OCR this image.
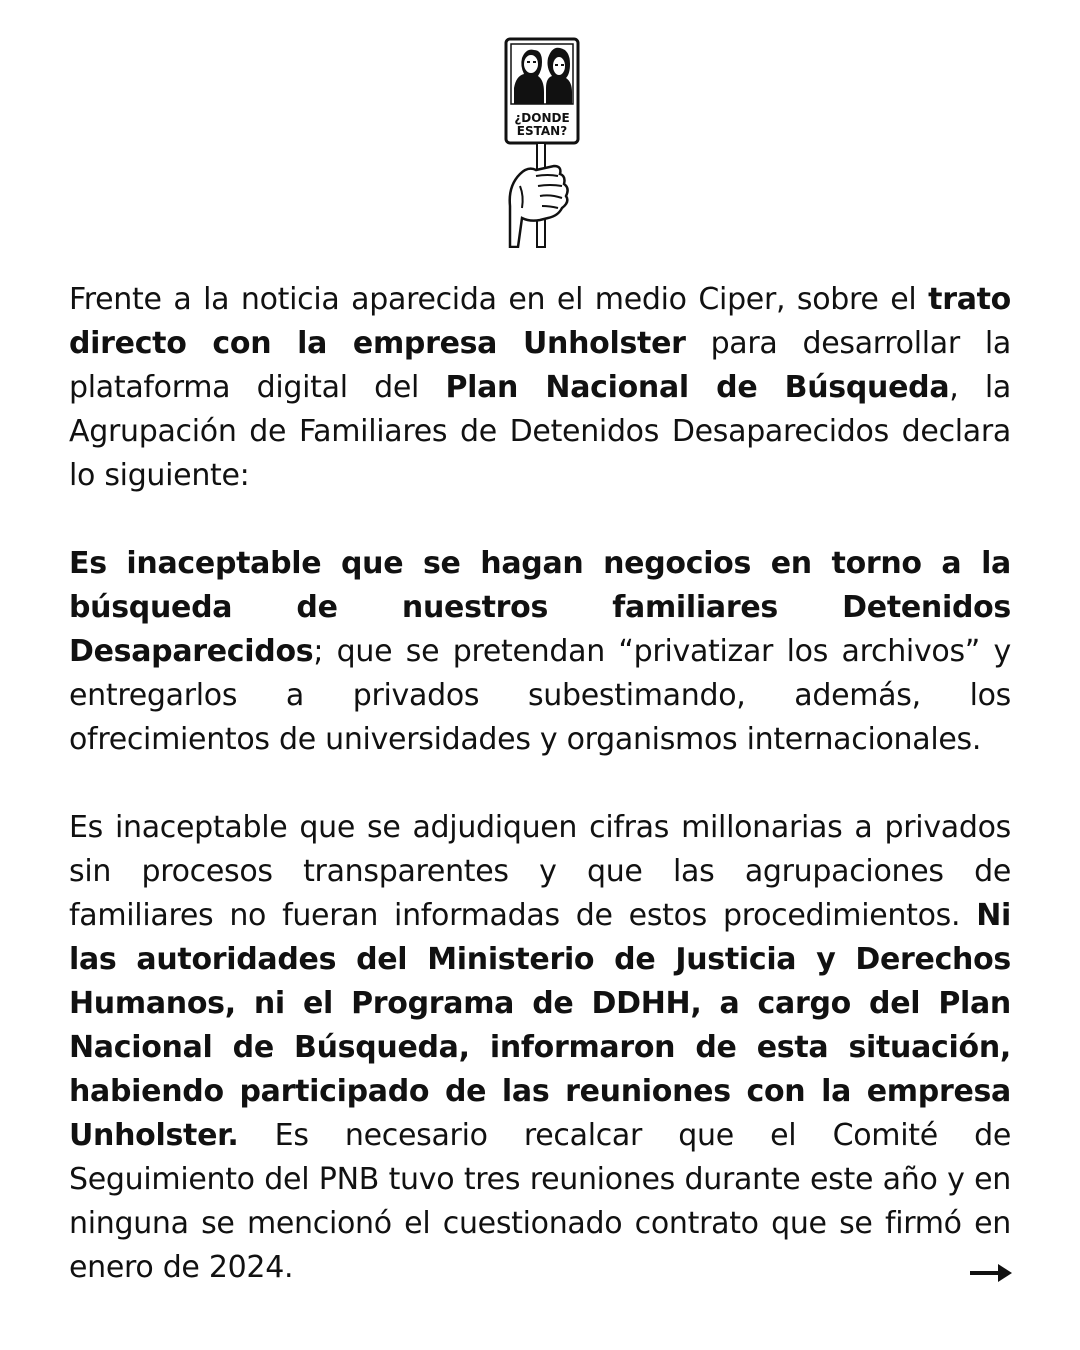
¿DONDE
ESTAN?

Frente a la noticia aparecida en el medio Ciper, sobre el trato directo con la empresa Unholster para desarrollar la plataforma digital del Plan Nacional de Búsqueda, la Agrupación de Familiares de Detenidos Desaparecidos declara lo siguiente:

Es inaceptable que se hagan negocios en torno a la búsqueda de nuestros familiares Detenidos Desaparecidos; que se pretendan “privatizar los archivos” y entregarlos a privados subestimando, además, los ofrecimientos de universidades y organismos internacionales.

Es inaceptable que se adjudiquen cifras millonarias a privados sin procesos transparentes y que las agrupaciones de familiares no fueran informadas de estos procedimientos. Ni las autoridades del Ministerio de Justicia y Derechos Humanos, ni el Programa de DDHH, a cargo del Plan Nacional de Búsqueda, informaron de esta situación, habiendo participado de las reuniones con la empresa Unholster. Es necesario recalcar que el Comité de Seguimiento del PNB tuvo tres reuniones durante este año y en ninguna se mencionó el cuestionado contrato que se firmó en enero de 2024.
